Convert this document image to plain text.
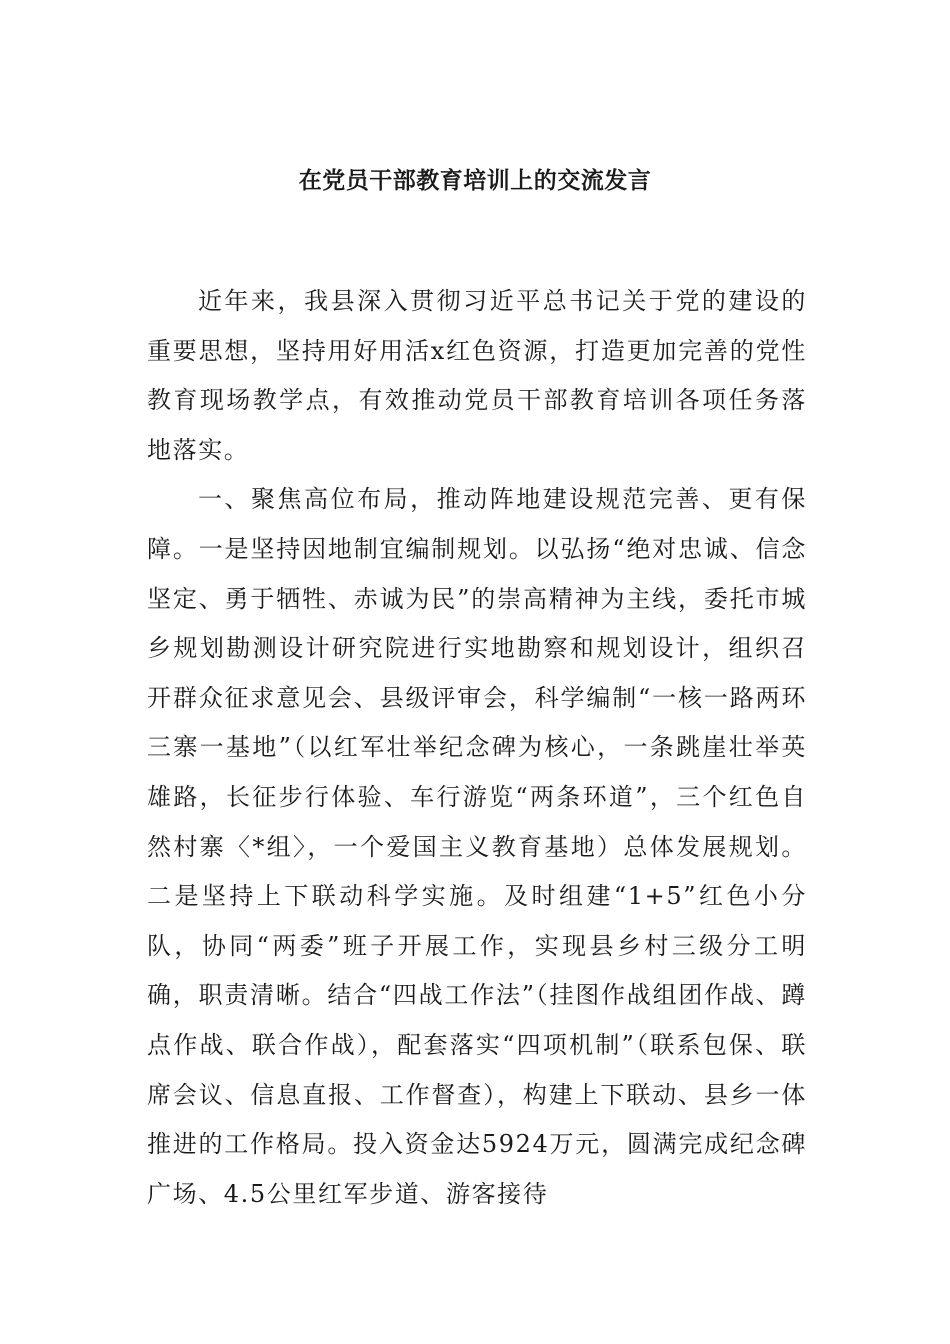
在党员干部教育培训上的交流发言

近年来，我县深入贯彻习近平总书记关于党的建设的重要思想，坚持用好用活x红色资源，打造更加完善的党性教育现场教学点，有效推动党员干部教育培训各项任务落地落实。

一、聚焦高位布局，推动阵地建设规范完善、更有保障。一是坚持因地制宜编制规划。以弘扬“绝对忠诚、信念坚定、勇于牺牲、赤诚为民”的崇高精神为主线，委托市城乡规划勘测设计研究院进行实地勘察和规划设计，组织召开群众征求意见会、县级评审会，科学编制“一核一路两环三寨一基地”（以红军壮举纪念碑为核心，一条跳崖壮举英雄路，长征步行体验、车行游览“两条环道”，三个红色自然村寨〈*组〉，一个爱国主义教育基地）总体发展规划。二是坚持上下联动科学实施。及时组建“1+5”红色小分队，协同“两委”班子开展工作，实现县乡村三级分工明确，职责清晰。结合“四战工作法”（挂图作战组团作战、蹲点作战、联合作战），配套落实“四项机制”（联系包保、联席会议、信息直报、工作督查），构建上下联动、县乡一体推进的工作格局。投入资金达5924万元，圆满完成纪念碑广场、4.5公里红军步道、游客接待
